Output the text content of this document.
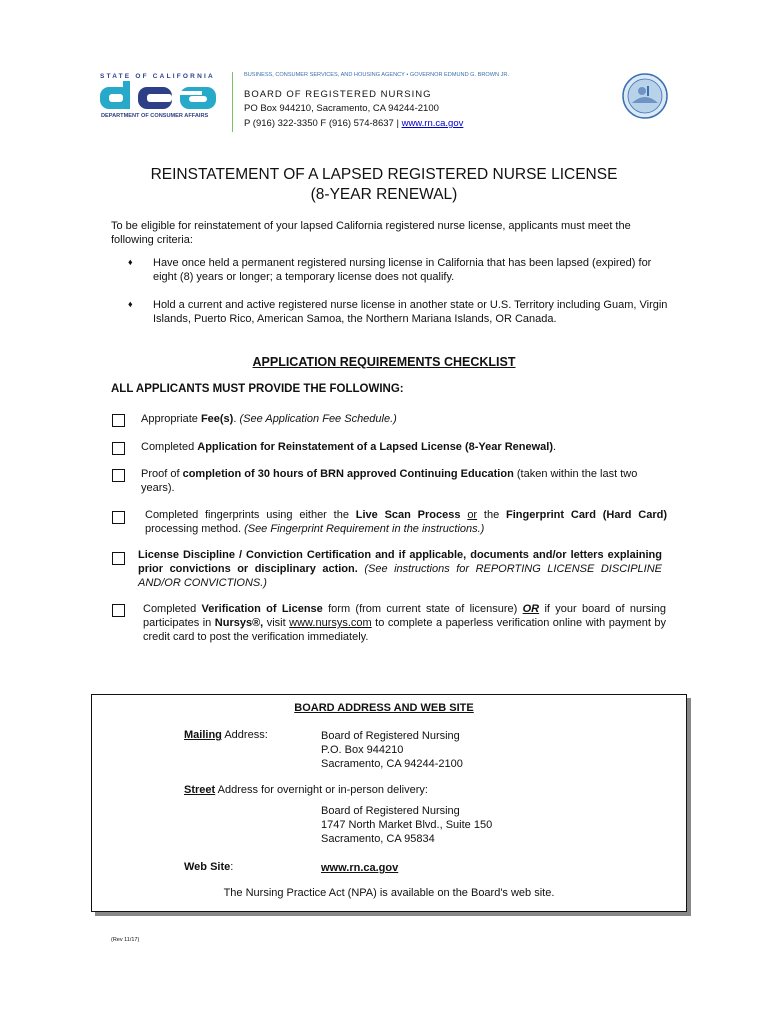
STATE OF CALIFORNIA
DEPARTMENT OF CONSUMER AFFAIRS
BUSINESS, CONSUMER SERVICES, AND HOUSING AGENCY • GOVERNOR EDMUND G. BROWN JR.
BOARD OF REGISTERED NURSING
PO Box 944210, Sacramento, CA 94244-2100
P (916) 322-3350 F (916) 574-8637 | www.rn.ca.gov
REINSTATEMENT OF A LAPSED REGISTERED NURSE LICENSE
(8-YEAR RENEWAL)
To be eligible for reinstatement of your lapsed California registered nurse license, applicants must meet the following criteria:
♦ Have once held a permanent registered nursing license in California that has been lapsed (expired) for eight (8) years or longer; a temporary license does not qualify.
♦ Hold a current and active registered nurse license in another state or U.S. Territory including Guam, Virgin Islands, Puerto Rico, American Samoa, the Northern Mariana Islands, OR Canada.
APPLICATION REQUIREMENTS CHECKLIST
ALL APPLICANTS MUST PROVIDE THE FOLLOWING:
Appropriate Fee(s). (See Application Fee Schedule.)
Completed Application for Reinstatement of a Lapsed License (8-Year Renewal).
Proof of completion of 30 hours of BRN approved Continuing Education (taken within the last two years).
Completed fingerprints using either the Live Scan Process or the Fingerprint Card (Hard Card) processing method. (See Fingerprint Requirement in the instructions.)
License Discipline / Conviction Certification and if applicable, documents and/or letters explaining prior convictions or disciplinary action. (See instructions for REPORTING LICENSE DISCIPLINE AND/OR CONVICTIONS.)
Completed Verification of License form (from current state of licensure) OR if your board of nursing participates in Nursys®, visit www.nursys.com to complete a paperless verification online with payment by credit card to post the verification immediately.
BOARD ADDRESS AND WEB SITE
Mailing Address:	Board of Registered Nursing
P.O. Box 944210
Sacramento, CA 94244-2100
Street Address for overnight or in-person delivery:
Board of Registered Nursing
1747 North Market Blvd., Suite 150
Sacramento, CA 95834
Web Site:	www.rn.ca.gov
The Nursing Practice Act (NPA) is available on the Board's web site.
(Rev 11/17)
